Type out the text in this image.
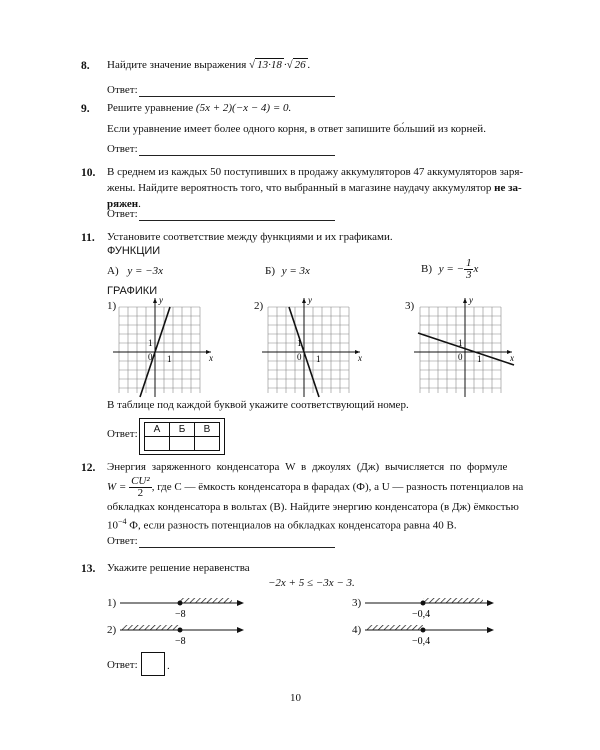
8. Найдите значение выражения √ 13·18 ·√ 26 .
Ответ:
9. Решите уравнение (5x + 2)(−x − 4) = 0.
Если уравнение имеет более одного корня, в ответ запишите бо́льший из корней.
Ответ:
10. В среднем из каждых 50 поступивших в продажу аккумуляторов 47 аккумуляторов заря-
жены. Найдите вероятность того, что выбранный в магазине наудачу аккумулятор не за-
ряжен.
Ответ:
11. Установите соответствие между функциями и их графиками.
ФУНКЦИИ
А) y = −3x	Б) y = 3x	В) y = − $\frac{1}{3}$ x
ГРАФИКИ
1)	2)	3)
y
x
0
1
1
y
x
0
1
1
y
x
0
1
1
В таблице под каждой буквой укажите соответствующий номер.
Ответ: А	Б	В

12. Энергия заряженного конденсатора W в джоулях (Дж) вычисляется по формуле
$W = \frac{\text{CU²}}{2}$ , где C — ёмкость конденсатора в фарадах (Ф), а U — разность потенциалов на
обкладках конденсатора в вольтах (В). Найдите энергию конденсатора (в Дж) ёмкостью
$10^{-4}$ Ф, если разность потенциалов на обкладках конденсатора равна 40 В.
Ответ:
13. Укажите решение неравенства
−2x + 5 ≤ −3x − 3.
1)
−8
2)
−8
3)
−0,4
4)
−0,4
Ответ:	.
10
